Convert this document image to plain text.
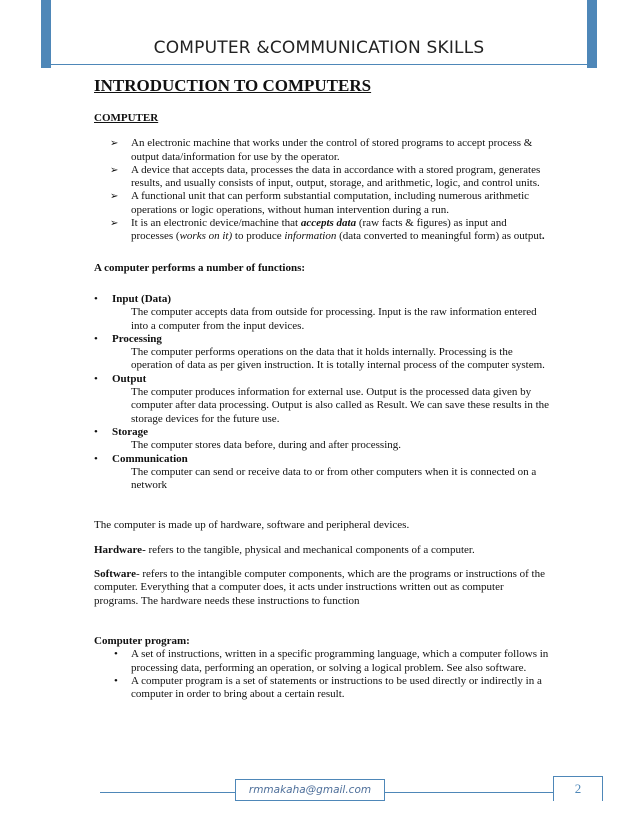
COMPUTER &COMMUNICATION SKILLS
INTRODUCTION TO COMPUTERS
COMPUTER
➢ An electronic machine that works under the control of stored programs to accept process & output data/information for use by the operator.
➢ A device that accepts data, processes the data in accordance with a stored program, generates results, and usually consists of input, output, storage, and arithmetic, logic, and control units.
➢ A functional unit that can perform substantial computation, including numerous arithmetic operations or logic operations, without human intervention during a run.
➢ It is an electronic device/machine that accepts data (raw facts & figures) as input and processes (works on it) to produce information (data converted to meaningful form) as output.

A computer performs a number of functions:

• Input (Data)
The computer accepts data from outside for processing. Input is the raw information entered into a computer from the input devices.
• Processing
The computer performs operations on the data that it holds internally. Processing is the operation of data as per given instruction. It is totally internal process of the computer system.
• Output
The computer produces information for external use. Output is the processed data given by computer after data processing. Output is also called as Result. We can save these results in the storage devices for the future use.
• Storage
The computer stores data before, during and after processing.
• Communication
The computer can send or receive data to or from other computers when it is connected on a network

The computer is made up of hardware, software and peripheral devices.

Hardware- refers to the tangible, physical and mechanical components of a computer.

Software- refers to the intangible computer components, which are the programs or instructions of the computer. Everything that a computer does, it acts under instructions written out as computer programs. The hardware needs these instructions to function

Computer program:

• A set of instructions, written in a specific programming language, which a computer follows in processing data, performing an operation, or solving a logical problem. See also software.
• A computer program is a set of statements or instructions to be used directly or indirectly in a computer in order to bring about a certain result.
rmmakaha@gmail.com	2
